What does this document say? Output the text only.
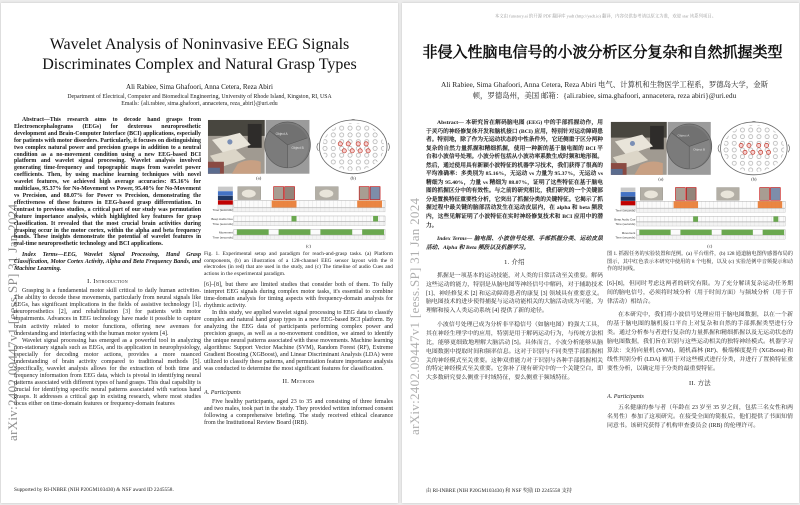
arXiv:2402.09447v1 [eess.SP] 31 Jan 2024
Wavelet Analysis of Noninvasive EEG Signals
Discriminates Complex and Natural Grasp Types
Ali Rabiee, Sima Ghafoori, Anna Cetera, Reza Abiri
Department of Electrical, Computer and Biomedical Engineering, University of Rhode Island, Kingston, RI, USA
Emails: {ali.rabiee, sima.ghafoori, annacetera, reza_abiri}@uri.edu

Abstract—This research aims to decode hand grasps from Electroencephalograms (EEGs) for dexterous neuroprosthetic development and Brain-Computer Interface (BCI) applications, especially for patients with motor disorders. Particularly, it focuses on distinguishing two complex natural power and precision grasps in addition to a neutral condition as a no-movement condition using a new EEG-based BCI platform and wavelet signal processing. Wavelet analysis involved generating time-frequency and topographic maps from wavelet power coefficients. Then, by using machine learning techniques with novel wavelet features, we achieved high average accuracies: 85.16% for multiclass, 95.37% for No-Movement vs Power, 95.40% for No-Movement vs Precision, and 88.07% for Power vs Precision, demonstrating the effectiveness of these features in EEG-based grasp differentiation. In contrast to previous studies, a critical part of our study was permutation feature importance analysis, which highlighted key features for grasp classification. It revealed that the most crucial brain activities during grasping occur in the motor cortex, within the alpha and beta frequency bands. These insights demonstrate the potential of wavelet features in real-time neuroprosthetic technology and BCI applications.

Index Terms—EEG, Wavelet Signal Processing, Hand Grasp Classification, Motor Cortex Activity, Alpha and Beta Frequency Bands, and Machine Learning.

I. Introduction

Grasping is a fundamental motor skill critical to daily human activities. The ability to decode these movements, particularly from neural signals like EEGs, has significant implications in the fields of assistive technology [1], neuroprosthetics [2], and rehabilitation [3] for patients with motor impairments. Advances in EEG technology have made it possible to capture brain activity related to motor functions, offering new avenues for understanding and interfacing with the human motor system [4].

Wavelet signal processing has emerged as a powerful tool in analyzing non-stationary signals such as EEGs, and its application in neurophysiology, especially for decoding motor actions, provides a more nuanced understanding of brain activity compared to traditional methods [5]. Specifically, wavelet analysis allows for the extraction of both time and frequency information from EEG data, which is pivotal in identifying neural patterns associated with different types of hand grasps. This dual capability is crucial for identifying specific neural patterns associated with various hand grasps. It addresses a critical gap in existing research, where most studies focus either on time-domain features or frequency-domain features

Object A
Object B
(a)	(b)
Time (seconds)
Beep Audio Cue
Time (seconds)
Movement
Time (seconds)
(c)
Fig. 1. Experimental setup and paradigm for reach-and-grasp tasks. (a) Platform components, (b) an illustration of a 128-channel EEG sensor layout with the 8 electrodes (in red) that are used in the study, and (c) The timeline of audio Cues and actions in the experimental paradigm.

[6]–[8], but there are limited studies that consider both of them. To fully interpret EEG signals during complex motor tasks, it's essential to combine time-domain analysis for timing aspects with frequency-domain analysis for rhythmic activity.

In this study, we applied wavelet signal processing to EEG data to classify complex and natural hand grasp types in a new EEG-based BCI platform. By analyzing the EEG data of participants performing complex power and precision grasps, as well as a no-movement condition, we aimed to identify the unique neural patterns associated with these movements. Machine learning algorithms: Support Vector Machine (SVM), Random Forest (RF), Extreme Gradient Boosting (XGBoost), and Linear Discriminant Analysis (LDA) were utilized to classify these patterns, and permutation feature importance analysis was conducted to determine the most significant features for classification.

II. Methods
A. Participants

Five healthy participants, aged 23 to 35 and consisting of three females and two males, took part in the study. They provided written informed consent following a comprehensive briefing. The study received ethical clearance from the Institutional Review Board (IRB).

Supported by RI-INBRE (NIH P20GM103430) & NSF award ID 2245558.
arXiv:2402.09447v1 [eess.SP] 31 Jan 2024
本文由 funstory.ai 的开源 PDF 翻译库 yadt (http://yadt.io) 翻译，内容仅供参考请以原文为准，欢迎 star 该系列项目。
非侵入性脑电信号的小波分析区分复杂和自然抓握类型
Ali Rabiee, Sima Ghafoori, Anna Cetera, Reza Abiri 电气、计算机和生物医学工程系，罗德岛大学，金斯顿，罗德岛州，美国 邮箱：{ali.rabiee, sima.ghafoori, annacetera, reza abiri}@uri.edu

Abstract— 本研究旨在解码脑电图 (EEG) 中的手部抓握动作，用于灵巧的神经修复体开发和脑机接口 (BCI) 应用，特别针对运动障碍患者。特别地，除了作为无运动状态的中性条件外，它还侧重于区分两种复杂的自然力量抓握和精细抓握，使用一种新的基于脑电图的 BCI 平台和小波信号处理。小波分析包括从小波功率系数生成时频和地形图。然后，通过使用具有新颖小波特征的机器学习技术，我们获得了很高的平均准确率：多类别为 85.16%，无运动 vs 力量为 95.37%，无运动 vs 精细为 95.40%，力量 vs 精细为 88.07%，证明了这些特征在基于脑电图的抓握区分中的有效性。与之前的研究相比，我们研究的一个关键部分是置换特征重要性分析，它突出了抓握分类的关键特征。它揭示了抓握过程中最关键的脑部活动发生在运动皮层内，在 alpha 和 beta 频段内，这些见解证明了小波特征在实时神经修复技术和 BCI 应用中的潜力。

Index Terms— 脑电图、小波信号处理、手部抓握分类、运动皮层活动、Alpha 和 Beta 频段以及机器学习。

1. 介绍

抓握是一项基本的运动技能，对人类的日常活动至关重要。解码这些运动的能力，特别是从脑电图等神经信号中解码，对于辅助技术 [1]、神经修复术 [2] 和运动障碍患者的康复 [3] 领域具有重要意义。脑电图技术的进步使得捕捉与运动功能相关的大脑活动成为可能，为理解和接入人类运动系统 [4] 提供了新的途径。

小波信号处理已成为分析非平稳信号（如脑电图）的强大工具，其在神经生理学中的应用，特别是用于解码运动行为，与传统方法相比，能够更细致地理解大脑活动 [5]。具体而言，小波分析能够从脑电图数据中提取时间和频率信息。这对于识别与不同类型手部抓握相关的神经模式至关重要。这种双重能力对于识别与各种手部抓握相关的特定神经模式至关重要。它弥补了现有研究中的一个关键空白，即大多数研究要么侧重于时域特征，要么侧重于频域特征。

Object A
Object B
(a)	(b)
Time (seconds)
Beep Audio Cue
Time (seconds)
Movement
Time (seconds)
(c)
图 1. 抓握任务的实验装置和范例。(a) 平台组件，(b) 128 通道脑电图传感器布局的图示，其中红色表示本研究中使用的 8 个电极，以及 (c) 实验范例中音频提示和动作的时间线。

[6]-[8]，但同时考虑这两者的研究有限。为了充分解读复杂运动任务期间的脑电信号，必须将时域分析（用于时间方面）与频域分析（用于节律活动）相结合。

在本研究中，我们将小波信号处理应用于脑电图数据，以在一个新的基于脑电图的脑机接口平台上对复杂和自然的手部抓握类型进行分类。通过分析参与者进行复杂的力量抓握和精细抓握以及无运动状态的脑电图数据，我们旨在识别与这些运动相关的独特神经模式。机器学习算法：支持向量机 (SVM)、随机森林 (RF)、极端梯度提升 (XGBoost) 和线性判别分析 (LDA) 被用于对这些模式进行分类，并进行了置换特征重要性分析，以确定用于分类的最重要特征。

II. 方法
A. Participants

五名健康的参与者（年龄在 23 岁至 35 岁之间，包括三名女性和两名男性）参加了这项研究。在接受全面的简报后，他们提供了书面知情同意书。该研究获得了机构审查委员会 (IRB) 的伦理许可。

由 RI-INBRE (NIH P20GM103430) 和 NSF 奖励 ID 2245558 支持
